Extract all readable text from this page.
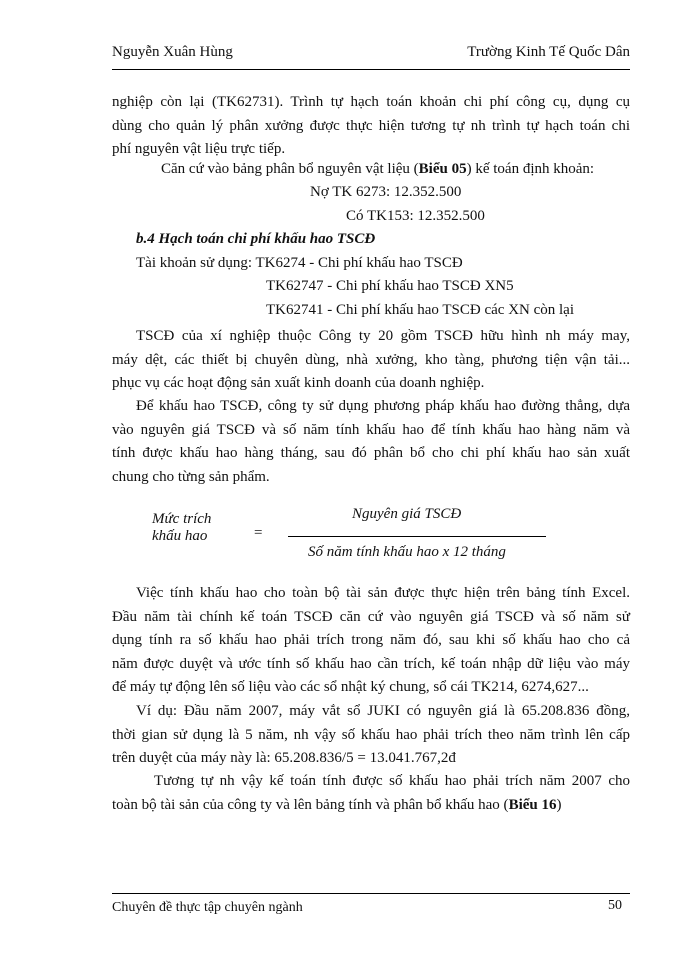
Nguyễn Xuân Hùng	Trường Kinh Tế Quốc Dân
nghiệp còn lại (TK62731). Trình tự hạch toán khoản chi phí công cụ, dụng cụ
dùng cho quản lý phân xưởng được thực hiện tương tự nh trình tự hạch toán chi
phí nguyên vật liệu trực tiếp.
Căn cứ vào bảng phân bổ nguyên vật liệu (Biểu 05) kế toán định khoản:
Nợ TK 6273: 12.352.500
Có TK153: 12.352.500
b.4 Hạch toán chi phí khấu hao TSCĐ
Tài khoản sử dụng: TK6274 - Chi phí khấu hao TSCĐ
TK62747 - Chi phí khấu hao TSCĐ XN5
TK62741 - Chi phí khấu hao TSCĐ các XN còn lại
TSCĐ của xí nghiệp thuộc Công ty 20 gồm TSCĐ hữu hình nh máy may,
máy dệt, các thiết bị chuyên dùng, nhà xưởng, kho tàng, phương tiện vận tải...
phục vụ các hoạt động sản xuất kinh doanh của doanh nghiệp.
Để khấu hao TSCĐ, công ty sử dụng phương pháp khấu hao đường thẳng, dựa
vào nguyên giá TSCĐ và số năm tính khấu hao để tính khấu hao hàng năm và
tính được khấu hao hàng tháng, sau đó phân bổ cho chi phí khấu hao sản xuất
chung cho từng sản phẩm.
Mức trích
khấu hao	=
Nguyên giá TSCĐ
Số năm tính khấu hao x 12 tháng
Việc tính khấu hao cho toàn bộ tài sản được thực hiện trên bảng tính Excel.
Đầu năm tài chính kế toán TSCĐ căn cứ vào nguyên giá TSCĐ và số năm sử
dụng tính ra số khấu hao phải trích trong năm đó, sau khi số khấu hao cho cả
năm được duyệt và ước tính số khấu hao cần trích, kế toán nhập dữ liệu vào máy
để máy tự động lên số liệu vào các sổ nhật ký chung, sổ cái TK214, 6274,627...
Ví dụ: Đầu năm 2007, máy vắt sổ JUKI có nguyên giá là 65.208.836 đồng,
thời gian sử dụng là 5 năm, nh vậy số khấu hao phải trích theo năm trình lên cấp
trên duyệt của máy này là: 65.208.836/5 = 13.041.767,2đ
Tương tự nh vậy kế toán tính được số khấu hao phải trích năm 2007 cho
toàn bộ tài sản của công ty và lên bảng tính và phân bổ khấu hao (Biểu 16)
Chuyên đề thực tập chuyên ngành	50
